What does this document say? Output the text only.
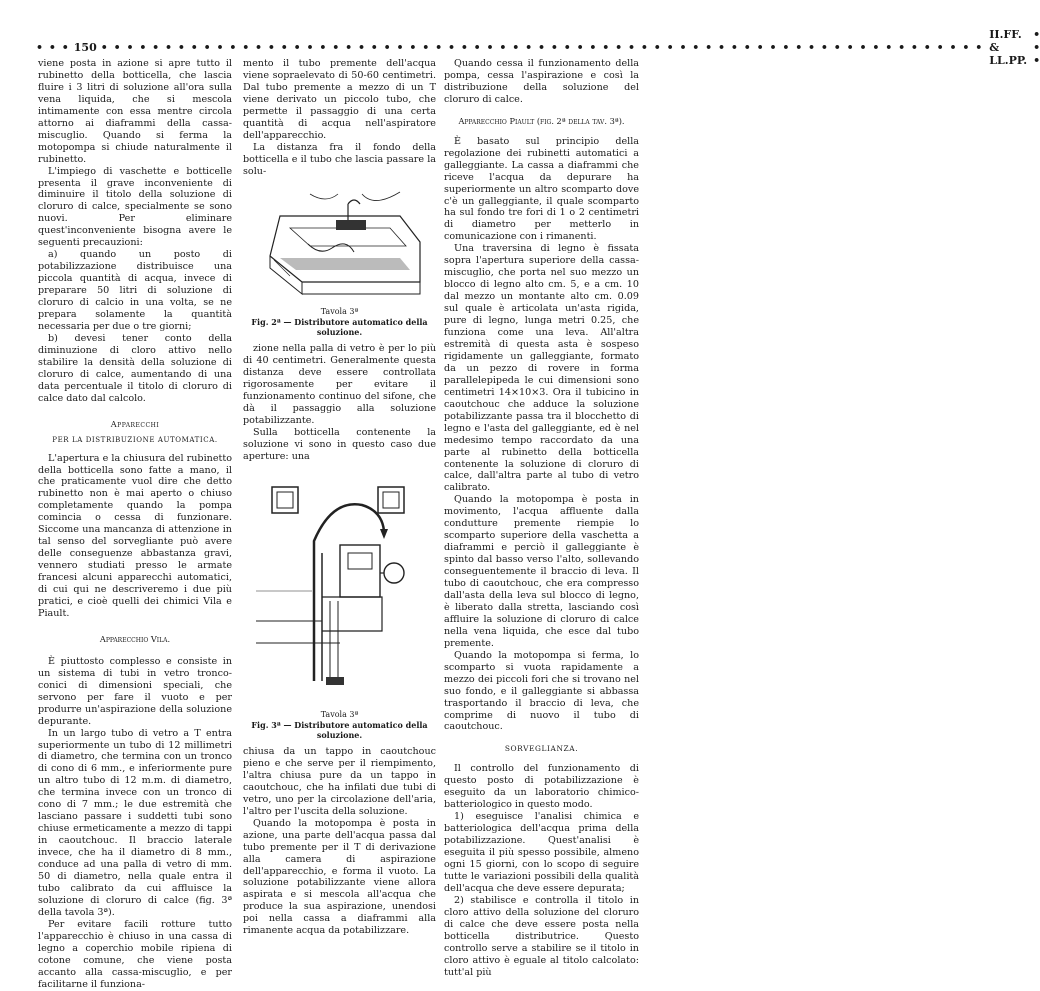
• • • 150 • • • • • • • • • • • • • • • • • • • • • • • • • • • • • • • • • • • • • • • • • • • • • • • • • • • • • • • • • • • • • • • • • • • • •
II.FF. & LL.PP.
• • •

viene posta in azione si apre tutto il rubinetto della botticella, che lascia fluire i 3 litri di soluzione all'ora sulla vena liquida, che si mescola intimamente con essa mentre circola attorno ai diaframmi della cassa-miscuglio. Quando si ferma la motopompa si chiude naturalmente il rubinetto.

L'impiego di vaschette e botticelle presenta il grave inconveniente di diminuire il titolo della soluzione di cloruro di calce, specialmente se sono nuovi. Per eliminare quest'inconveniente bisogna avere le seguenti precauzioni:

a) quando un posto di potabilizzazione distribuisce una piccola quantità di acqua, invece di preparare 50 litri di soluzione di cloruro di calcio in una volta, se ne prepara solamente la quantità necessaria per due o tre giorni;

b) devesi tener conto della diminuzione di cloro attivo nello stabilire la densità della soluzione di cloruro di calce, aumentando di una data percentuale il titolo di cloruro di calce dato dal calcolo.

Apparecchi
PER LA DISTRIBUZIONE AUTOMATICA.

L'apertura e la chiusura del rubinetto della botticella sono fatte a mano, il che praticamente vuol dire che detto rubinetto non è mai aperto o chiuso completamente quando la pompa comincia o cessa di funzionare. Siccome una mancanza di attenzione in tal senso del sorvegliante può avere delle conseguenze abbastanza gravi, vennero studiati presso le armate francesi alcuni apparecchi automatici, di cui qui ne descriveremo i due più pratici, e cioè quelli dei chimici Vila e Piault.

Apparecchio Vila.

È piuttosto complesso e consiste in un sistema di tubi in vetro tronco-conici di dimensioni speciali, che servono per fare il vuoto e per produrre un'aspirazione della soluzione depurante.

In un largo tubo di vetro a T entra superiormente un tubo di 12 millimetri di diametro, che termina con un tronco di cono di 6 mm., e inferiormente pure un altro tubo di 12 m.m. di diametro, che termina invece con un tronco di cono di 7 mm.; le due estremità che lasciano passare i suddetti tubi sono chiuse ermeticamente a mezzo di tappi in caoutchouc. Il braccio laterale invece, che ha il diametro di 8 mm., conduce ad una palla di vetro di mm. 50 di diametro, nella quale entra il tubo calibrato da cui affluisce la soluzione di cloruro di calce (fig. 3ª della tavola 3ª).

Per evitare facili rotture tutto l'apparecchio è chiuso in una cassa di legno a coperchio mobile ripiena di cotone comune, che viene posta accanto alla cassa-miscuglio, e per facilitarne il funziona-

mento il tubo premente dell'acqua viene sopraelevato di 50-60 centimetri. Dal tubo premente a mezzo di un T viene derivato un piccolo tubo, che permette il passaggio di una certa quantità di acqua nell'aspiratore dell'apparecchio.

La distanza fra il fondo della botticella e il tubo che lascia passare la solu-

Tavola 3ª
Fig. 2ª — Distributore automatico della soluzione.

zione nella palla di vetro è per lo più di 40 centimetri. Generalmente questa distanza deve essere controllata rigorosamente per evitare il funzionamento continuo del sifone, che dà il passaggio alla soluzione potabilizzante.

Sulla botticella contenente la soluzione vi sono in questo caso due aperture: una

Tavola 3ª
Fig. 3ª — Distributore automatico della soluzione.

chiusa da un tappo in caoutchouc pieno e che serve per il riempimento, l'altra chiusa pure da un tappo in caoutchouc, che ha infilati due tubi di vetro, uno per la circolazione dell'aria, l'altro per l'uscita della soluzione.

Quando la motopompa è posta in azione, una parte dell'acqua passa dal tubo premente per il T di derivazione alla camera di aspirazione dell'apparecchio, e forma il vuoto. La soluzione potabilizzante viene allora aspirata e si mescola all'acqua che produce la sua aspirazione, unendosi poi nella cassa a diaframmi alla rimanente acqua da potabilizzare.

Quando cessa il funzionamento della pompa, cessa l'aspirazione e così la distribuzione della soluzione del cloruro di calce.

Apparecchio Piault (fig. 2ª della tav. 3ª).

È basato sul principio della regolazione dei rubinetti automatici a galleggiante. La cassa a diaframmi che riceve l'acqua da depurare ha superiormente un altro scomparto dove c'è un galleggiante, il quale scomparto ha sul fondo tre fori di 1 o 2 centimetri di diametro per metterlo in comunicazione con i rimanenti.

Una traversina di legno è fissata sopra l'apertura superiore della cassa-miscuglio, che porta nel suo mezzo un blocco di legno alto cm. 5, e a cm. 10 dal mezzo un montante alto cm. 0.09 sul quale è articolata un'asta rigida, pure di legno, lunga metri 0.25, che funziona come una leva. All'altra estremità di questa asta è sospeso rigidamente un galleggiante, formato da un pezzo di rovere in forma parallelepipeda le cui dimensioni sono centimetri 14×10×3. Ora il tubicino in caoutchouc che adduce la soluzione potabilizzante passa tra il blocchetto di legno e l'asta del galleggiante, ed è nel medesimo tempo raccordato da una parte al rubinetto della botticella contenente la soluzione di cloruro di calce, dall'altra parte al tubo di vetro calibrato.

Quando la motopompa è posta in movimento, l'acqua affluente dalla condutture premente riempie lo scomparto superiore della vaschetta a diaframmi e perciò il galleggiante è spinto dal basso verso l'alto, sollevando conseguentemente il braccio di leva. Il tubo di caoutchouc, che era compresso dall'asta della leva sul blocco di legno, è liberato dalla stretta, lasciando così affluire la soluzione di cloruro di calce nella vena liquida, che esce dal tubo premente.

Quando la motopompa si ferma, lo scomparto si vuota rapidamente a mezzo dei piccoli fori che si trovano nel suo fondo, e il galleggiante si abbassa trasportando il braccio di leva, che comprime di nuovo il tubo di caoutchouc.

SORVEGLIANZA.

Il controllo del funzionamento di questo posto di potabilizzazione è eseguito da un laboratorio chimico-batteriologico in questo modo.

1) eseguisce l'analisi chimica e batteriologica dell'acqua prima della potabilizzazione. Quest'analisi è eseguita il più spesso possibile, almeno ogni 15 giorni, con lo scopo di seguire tutte le variazioni possibili della qualità dell'acqua che deve essere depurata;

2) stabilisce e controlla il titolo in cloro attivo della soluzione del cloruro di calce che deve essere posta nella botticella distributrice. Questo controllo serve a stabilire se il titolo in cloro attivo è eguale al titolo calcolato: tutt'al più
